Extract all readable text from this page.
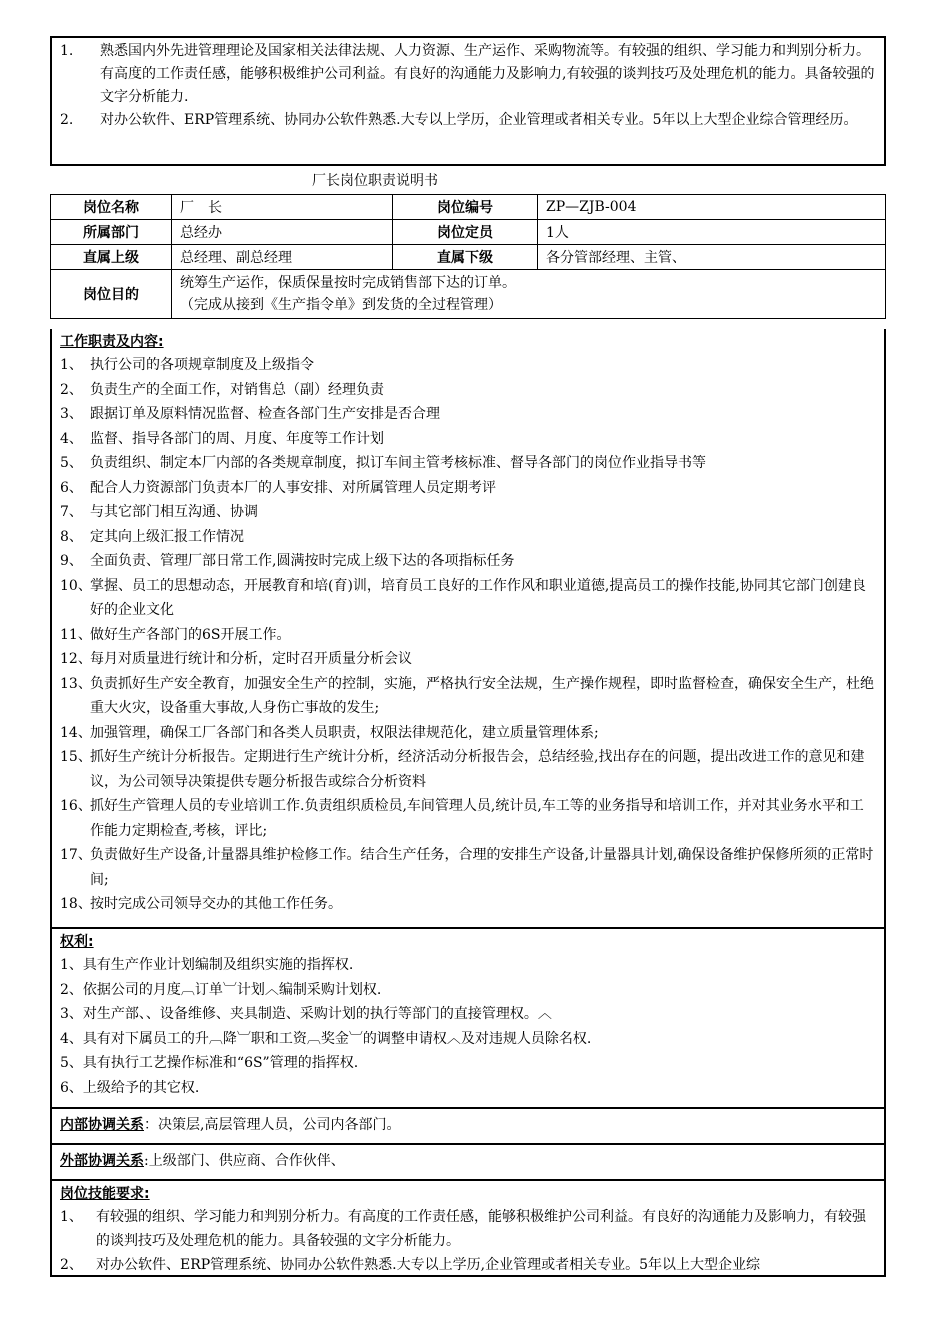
1.	熟悉国内外先进管理理论及国家相关法律法规、人力资源、生产运作、采购物流等。有较强的组织、学习能力和判别分析力。有高度的工作责任感，能够积极维护公司利益。有良好的沟通能力及影响力,有较强的谈判技巧及处理危机的能力。具备较强的文字分析能力.
2.	对办公软件、ERP管理系统、协同办公软件熟悉.大专以上学历，企业管理或者相关专业。5年以上大型企业综合管理经历。
厂长岗位职责说明书
岗位名称	厂　长	岗位编号	ZP—ZJB-004
所属部门	总经办	岗位定员	1人
直属上级	总经理、副总经理	直属下级	各分管部经理、主管、
岗位目的	统筹生产运作，保质保量按时完成销售部下达的订单。
（完成从接到《生产指令单》到发货的全过程管理）		
工作职责及内容:
1、 执行公司的各项规章制度及上级指令
2、 负责生产的全面工作，对销售总（副）经理负责
3、 跟据订单及原料情况监督、检查各部门生产安排是否合理
4、 监督、指导各部门的周、月度、年度等工作计划
5、 负责组织、制定本厂内部的各类规章制度，拟订车间主管考核标准、督导各部门的岗位作业指导书等
6、 配合人力资源部门负责本厂的人事安排、对所属管理人员定期考评
7、 与其它部门相互沟通、协调
8、 定其向上级汇报工作情况
9、 全面负责、管理厂部日常工作,圆满按时完成上级下达的各项指标任务
10、
掌握、员工的思想动态，开展教育和培(育)训，培育员工良好的工作作风和职业道德,提高员工的操作技能,协同其它部门创建良好的企业文化
11、
做好生产各部门的6S开展工作。
12、
每月对质量进行统计和分析，定时召开质量分析会议
13、
负责抓好生产安全教育，加强安全生产的控制，实施，严格执行安全法规，生产操作规程，即时监督检查，确保安全生产，杜绝重大火灾，设备重大事故,人身伤亡事故的发生;
14、
加强管理，确保工厂各部门和各类人员职责，权限法律规范化，建立质量管理体系;
15、
抓好生产统计分析报告。定期进行生产统计分析，经济活动分析报告会，总结经验,找出存在的问题，提出改进工作的意见和建议，为公司领导决策提供专题分析报告或综合分析资料
16、
抓好生产管理人员的专业培训工作.负责组织质检员,车间管理人员,统计员,车工等的业务指导和培训工作，并对其业务水平和工作能力定期检查,考核，评比;
17、
负责做好生产设备,计量器具维护检修工作。结合生产任务，合理的安排生产设备,计量器具计划,确保设备维护保修所须的正常时间;
18、
按时完成公司领导交办的其他工作任务。
权利:
1、具有生产作业计划编制及组织实施的指挥权.
2、依据公司的月度︹订单︺计划︿编制采购计划权.
3、对生产部、、设备维修、夹具制造、采购计划的执行等部门的直接管理权。︿
4、具有对下属员工的升︹降︺职和工资︹奖金︺的调整申请权︿及对违规人员除名权.
5、具有执行工艺操作标准和“6S”管理的指挥权.
6、上级给予的其它权.
内部协调关系：决策层,高层管理人员，公司内各部门。
外部协调关系:上级部门、供应商、合作伙伴、
岗位技能要求:
1、 有较强的组织、学习能力和判别分析力。有高度的工作责任感，能够积极维护公司利益。有良好的沟通能力及影响力，有较强的谈判技巧及处理危机的能力。具备较强的文字分析能力。
2、 对办公软件、ERP管理系统、协同办公软件熟悉.大专以上学历,企业管理或者相关专业。5年以上大型企业综
